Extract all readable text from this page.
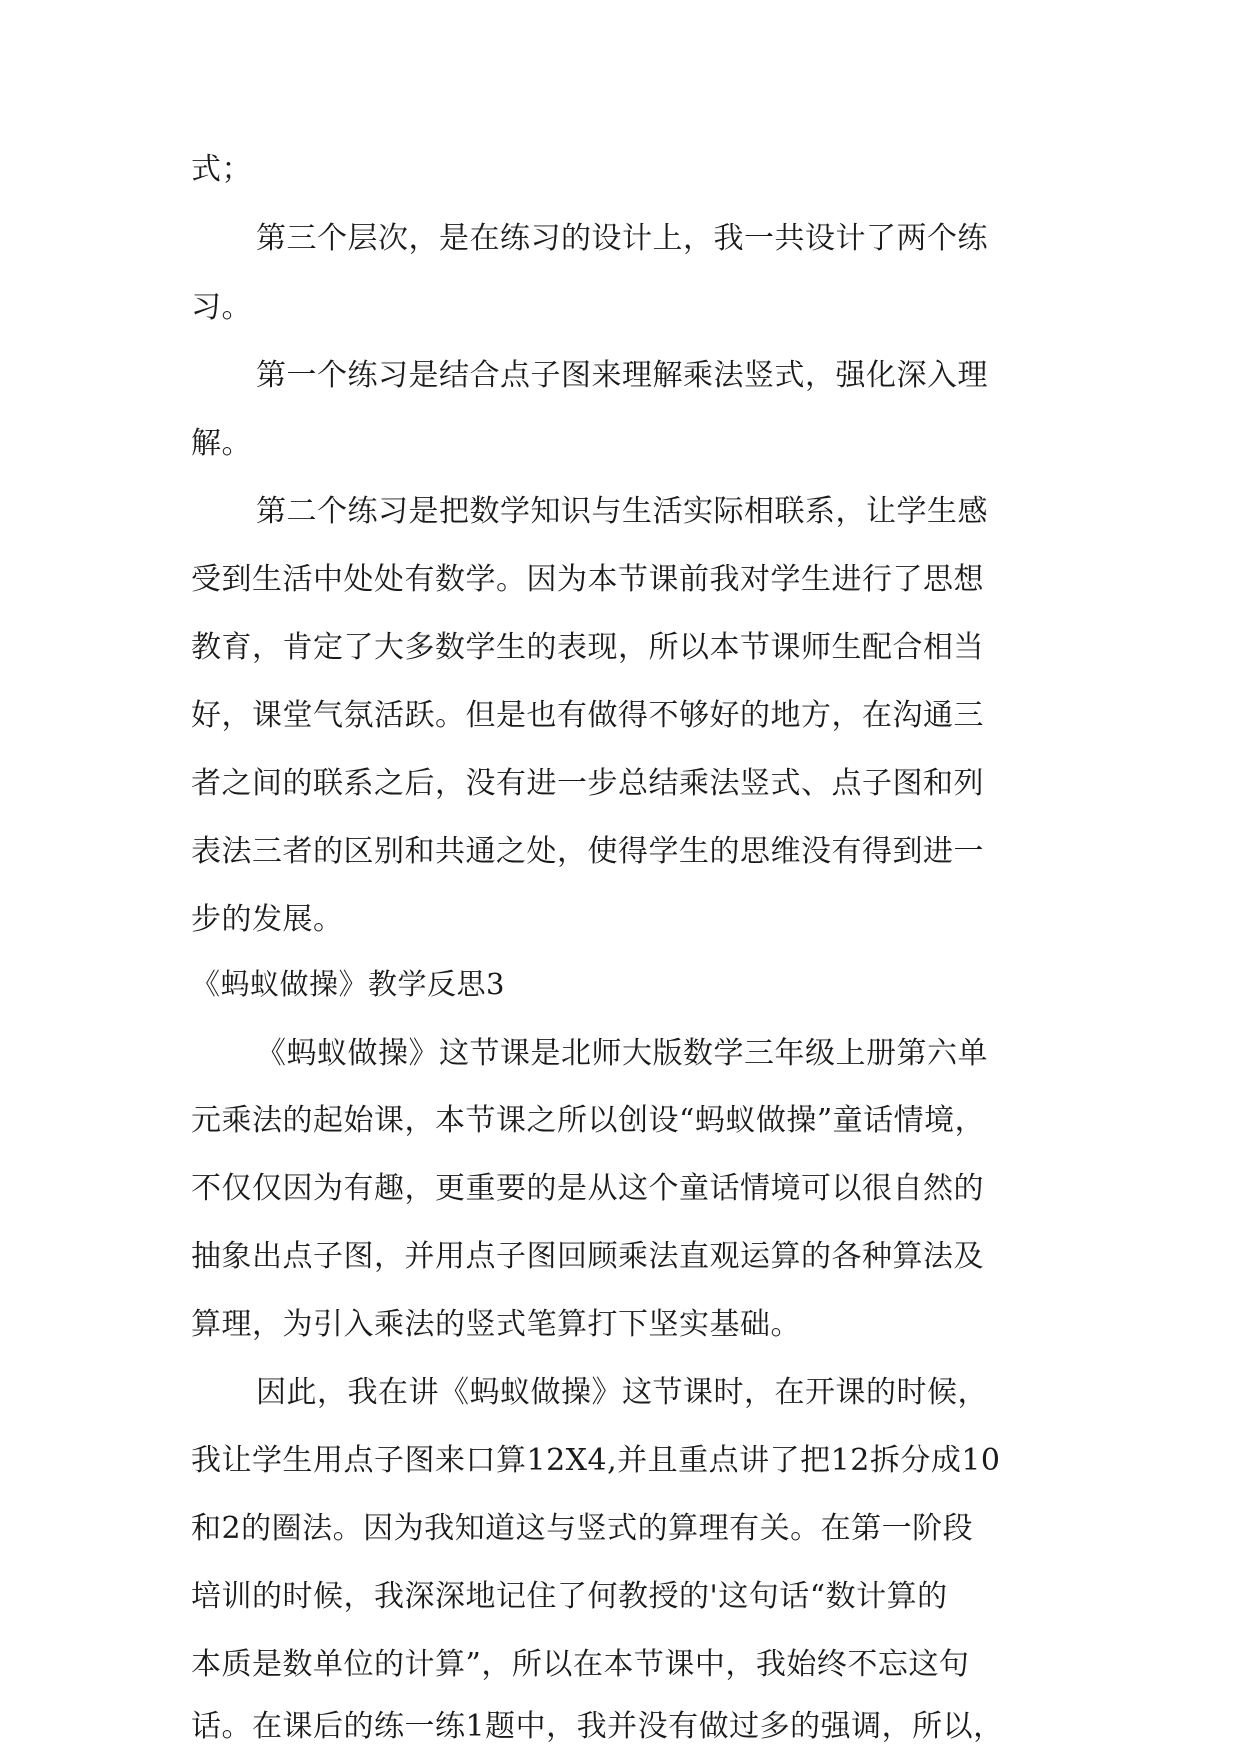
式；
第三个层次，是在练习的设计上，我一共设计了两个练
习。
第一个练习是结合点子图来理解乘法竖式，强化深入理
解。
第二个练习是把数学知识与生活实际相联系，让学生感
受到生活中处处有数学。因为本节课前我对学生进行了思想
教育，肯定了大多数学生的表现，所以本节课师生配合相当
好，课堂气氛活跃。但是也有做得不够好的地方，在沟通三
者之间的联系之后，没有进一步总结乘法竖式、点子图和列
表法三者的区别和共通之处，使得学生的思维没有得到进一
步的发展。
《蚂蚁做操》教学反思3
《蚂蚁做操》这节课是北师大版数学三年级上册第六单
元乘法的起始课，本节课之所以创设“蚂蚁做操”童话情境，
不仅仅因为有趣，更重要的是从这个童话情境可以很自然的
抽象出点子图，并用点子图回顾乘法直观运算的各种算法及
算理，为引入乘法的竖式笔算打下坚实基础。
因此，我在讲《蚂蚁做操》这节课时，在开课的时候，
我让学生用点子图来口算12X4,并且重点讲了把12拆分成10
和2的圈法。因为我知道这与竖式的算理有关。在第一阶段
培训的时候，我深深地记住了何教授的'这句话“数计算的
本质是数单位的计算”，所以在本节课中，我始终不忘这句
话。在课后的练一练1题中，我并没有做过多的强调，所以，
